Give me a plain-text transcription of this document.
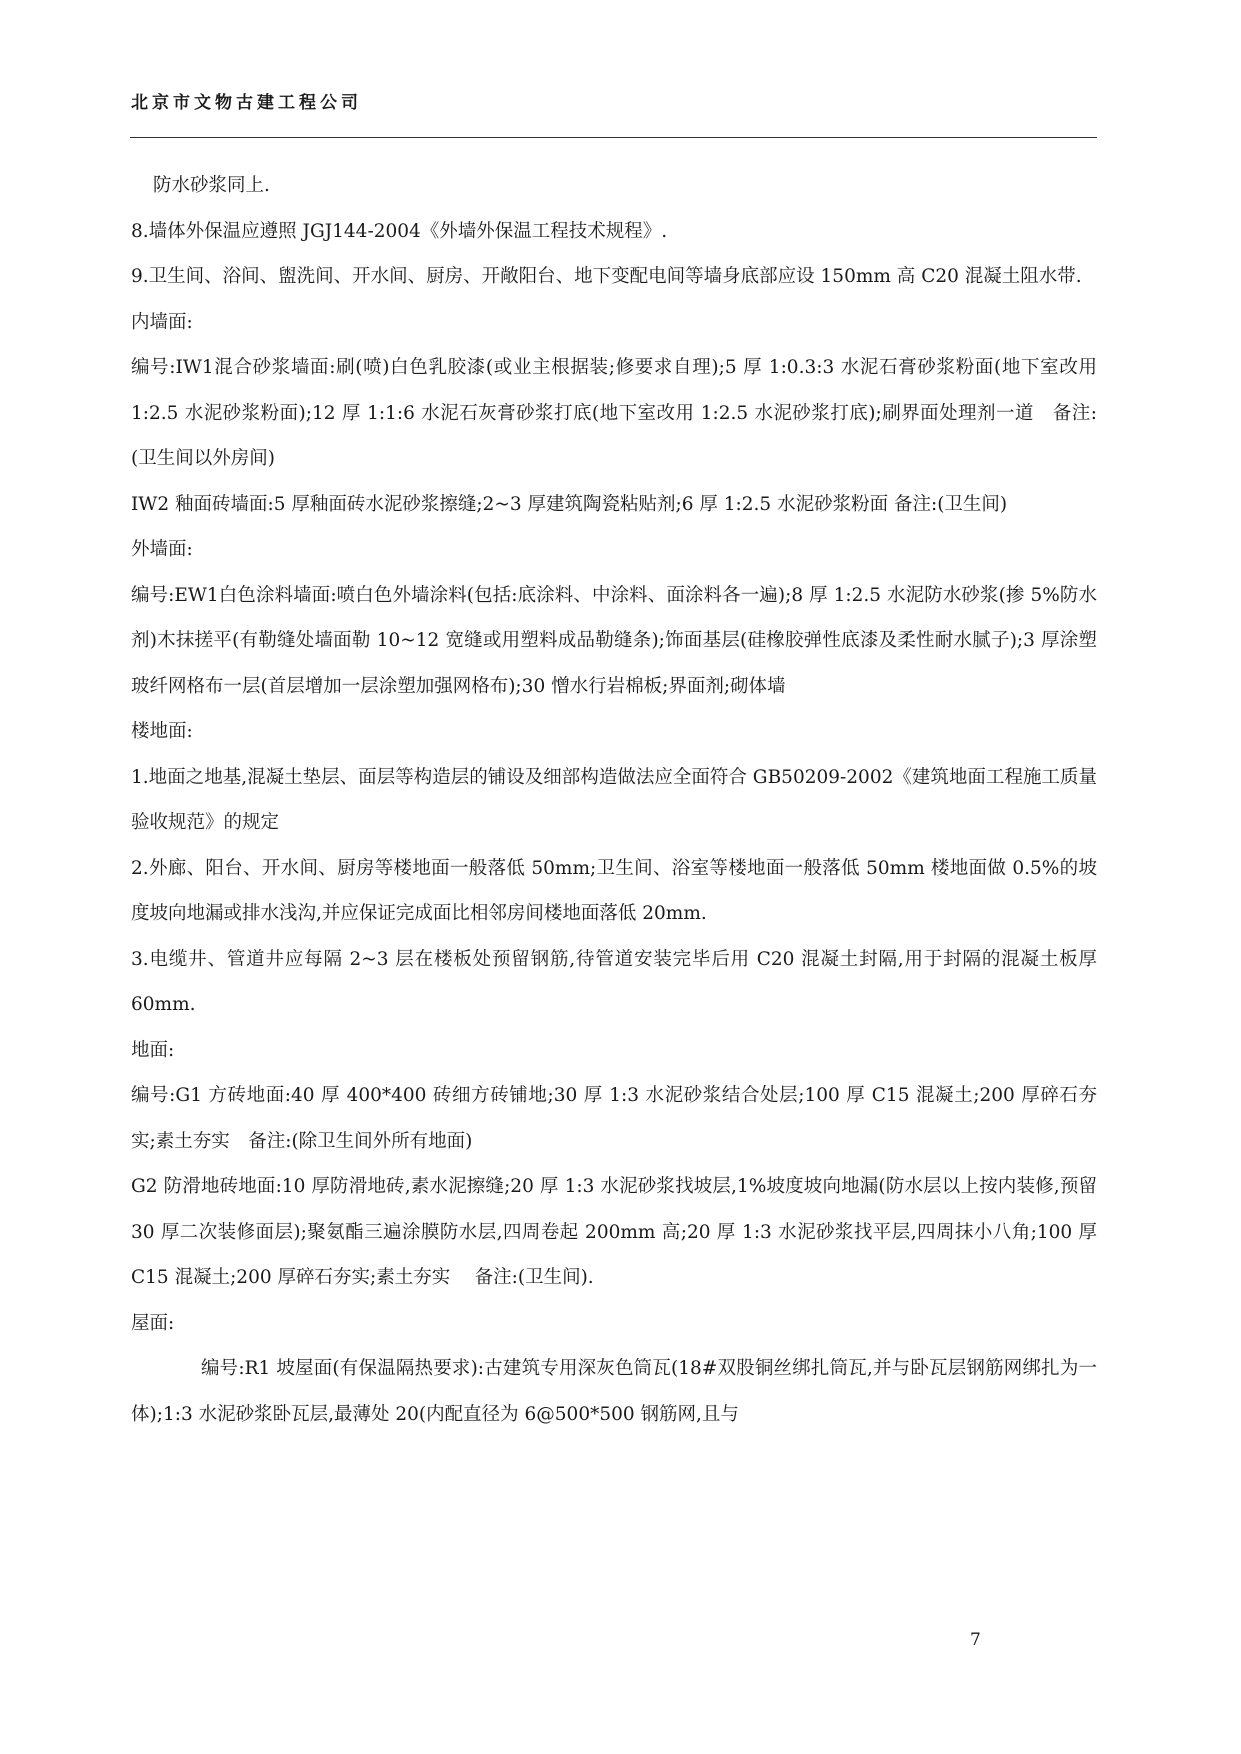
北京市文物古建工程公司

防水砂浆同上.

8.墙体外保温应遵照 JGJ144-2004《外墙外保温工程技术规程》.

9.卫生间、浴间、盥洗间、开水间、厨房、开敞阳台、地下变配电间等墙身底部应设 150mm 高 C20 混凝土阻水带.

内墙面:

编号:IW1混合砂浆墙面:刷(喷)白色乳胶漆(或业主根据装;修要求自理);5 厚 1:0.3:3 水泥石膏砂浆粉面(地下室改用 1:2.5 水泥砂浆粉面);12 厚 1:1:6 水泥石灰膏砂浆打底(地下室改用 1:2.5 水泥砂浆打底);刷界面处理剂一道　备注:(卫生间以外房间)

IW2 釉面砖墙面:5 厚釉面砖水泥砂浆擦缝;2~3 厚建筑陶瓷粘贴剂;6 厚 1:2.5 水泥砂浆粉面 备注:(卫生间)

外墙面:

编号:EW1白色涂料墙面:喷白色外墙涂料(包括:底涂料、中涂料、面涂料各一遍);8 厚 1:2.5 水泥防水砂浆(掺 5%防水剂)木抹搓平(有勒缝处墙面勒 10~12 宽缝或用塑料成品勒缝条);饰面基层(硅橡胶弹性底漆及柔性耐水腻子);3 厚涂塑玻纤网格布一层(首层增加一层涂塑加强网格布);30 憎水行岩棉板;界面剂;砌体墙

楼地面:

1.地面之地基,混凝土垫层、面层等构造层的铺设及细部构造做法应全面符合 GB50209-2002《建筑地面工程施工质量验收规范》的规定

2.外廊、阳台、开水间、厨房等楼地面一般落低 50mm;卫生间、浴室等楼地面一般落低 50mm 楼地面做 0.5%的坡度坡向地漏或排水浅沟,并应保证完成面比相邻房间楼地面落低 20mm.

3.电缆井、管道井应每隔 2~3 层在楼板处预留钢筋,待管道安装完毕后用 C20 混凝土封隔,用于封隔的混凝土板厚 60mm.

地面:

编号:G1 方砖地面:40 厚 400*400 砖细方砖铺地;30 厚 1:3 水泥砂浆结合处层;100 厚 C15 混凝土;200 厚碎石夯实;素土夯实　备注:(除卫生间外所有地面)

G2 防滑地砖地面:10 厚防滑地砖,素水泥擦缝;20 厚 1:3 水泥砂浆找坡层,1%坡度坡向地漏(防水层以上按内装修,预留 30 厚二次装修面层);聚氨酯三遍涂膜防水层,四周卷起 200mm 高;20 厚 1:3 水泥砂浆找平层,四周抹小八角;100 厚 C15 混凝土;200 厚碎石夯实;素土夯实　 备注:(卫生间).

屋面:

编号:R1 坡屋面(有保温隔热要求):古建筑专用深灰色筒瓦(18#双股铜丝绑扎筒瓦,并与卧瓦层钢筋网绑扎为一体);1:3 水泥砂浆卧瓦层,最薄处 20(内配直径为 6@500*500 钢筋网,且与

7
